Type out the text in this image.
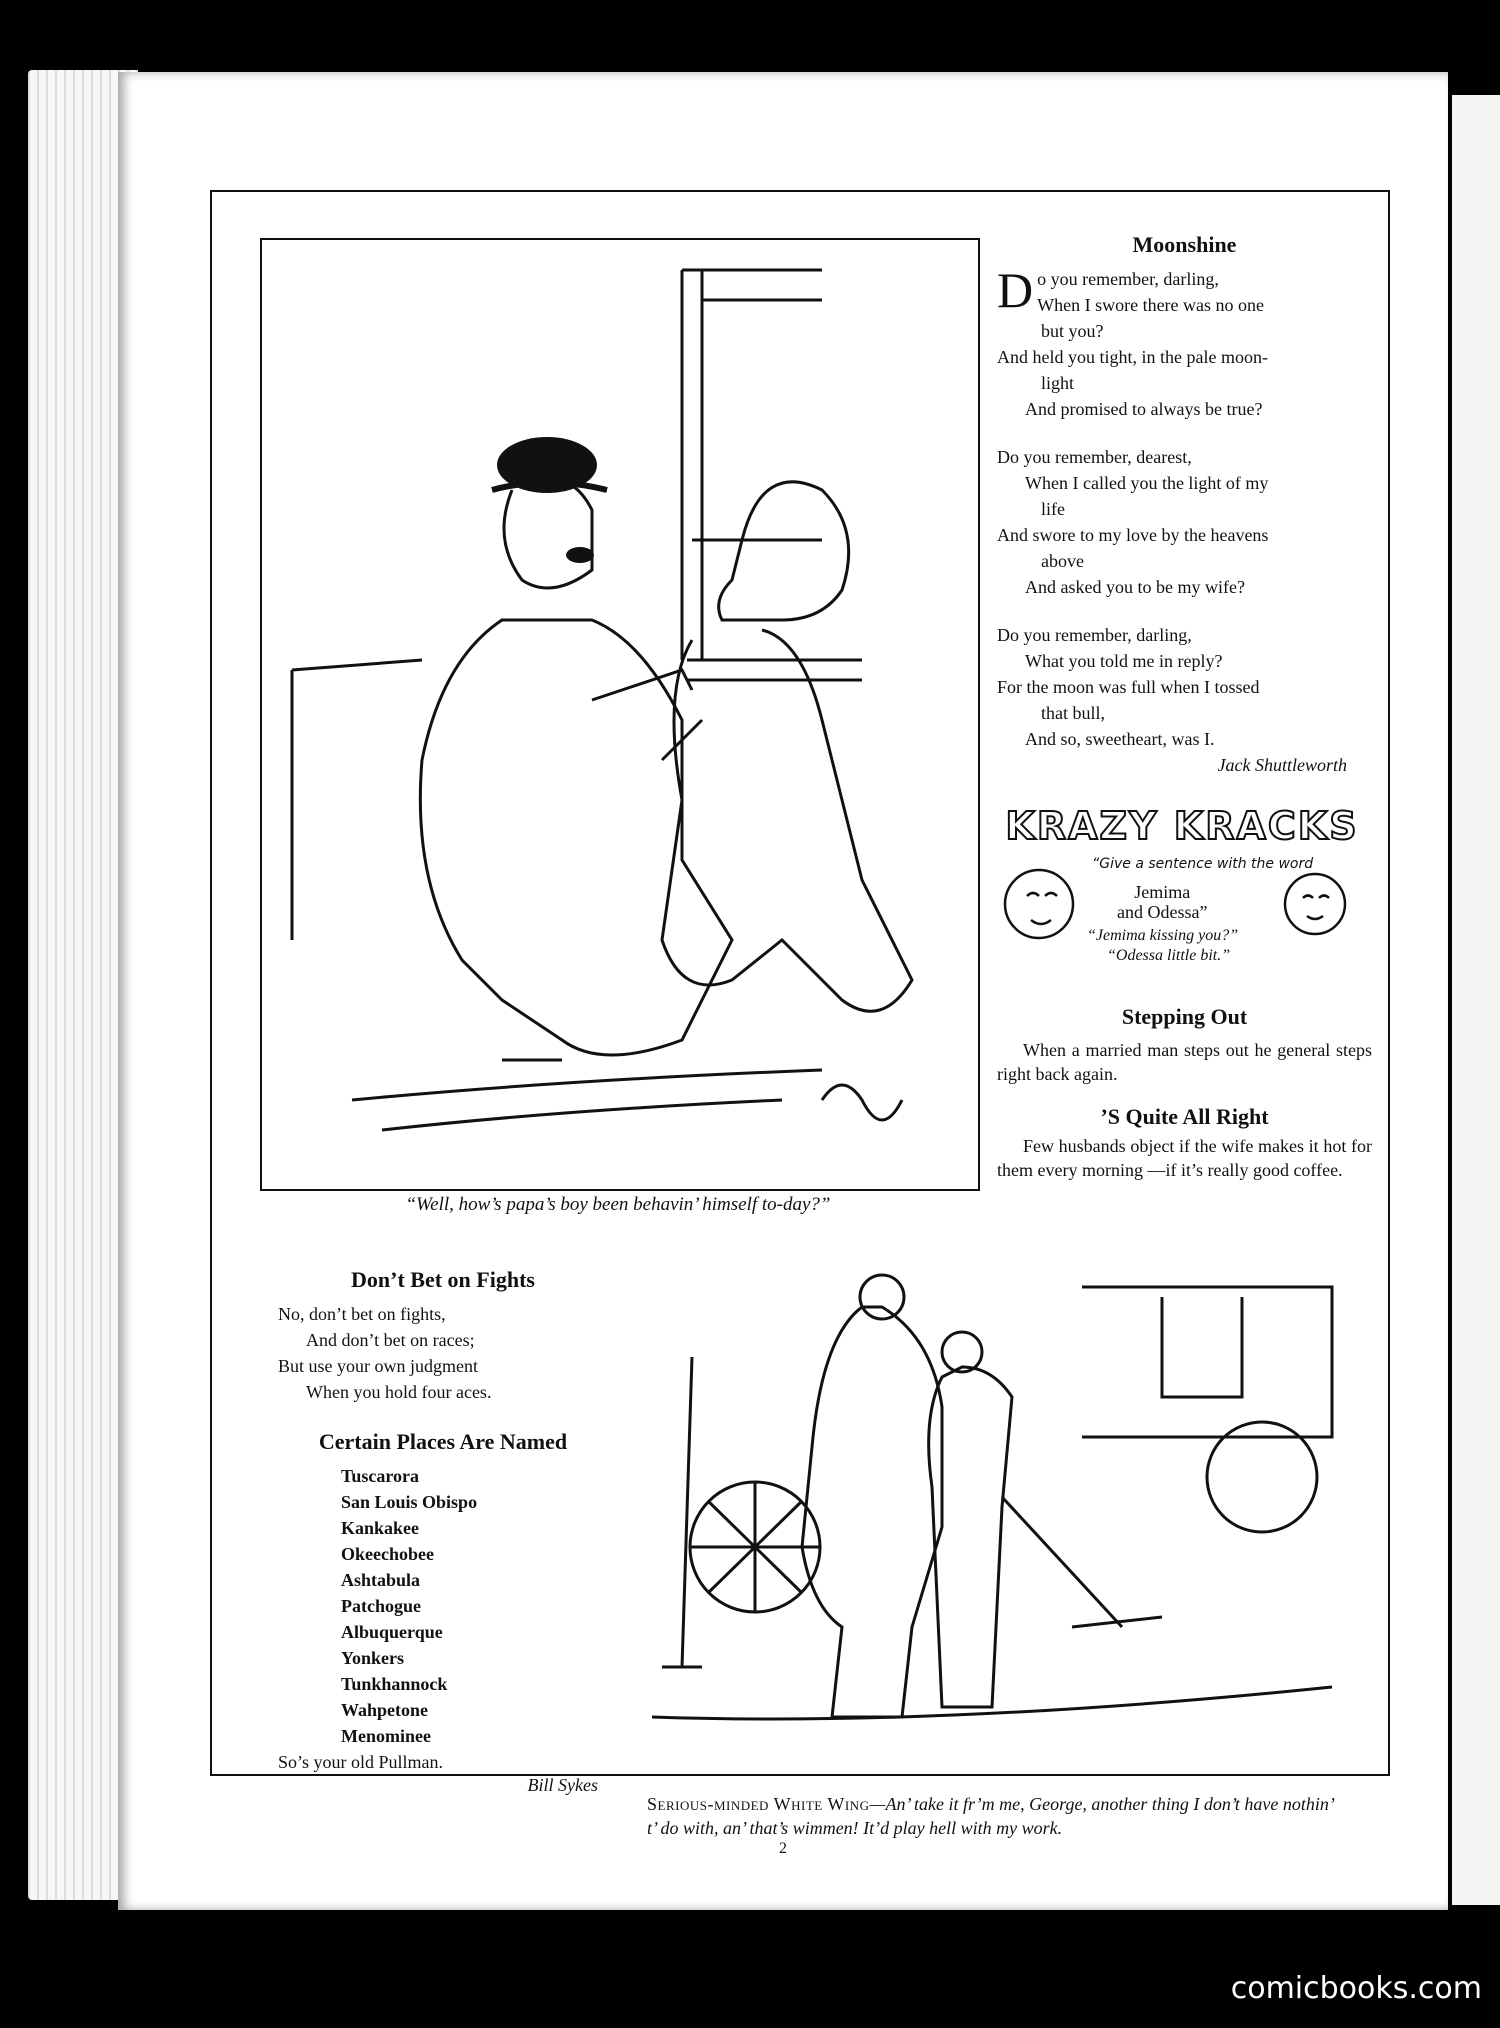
“Well, how’s papa’s boy been behavin’ himself to-day?”
Moonshine
D o you remember, darling,
When I swore there was no one
but you?
And held you tight, in the pale moon-
light
And promised to always be true?
Do you remember, dearest,
When I called you the light of my
life
And swore to my love by the heavens
above
And asked you to be my wife?
Do you remember, darling,
What you told me in reply?
For the moon was full when I tossed
that bull,
And so, sweetheart, was I.
Jack Shuttleworth
KRAZY KRACKS
“Give a sentence with the word
Jemima
and Odessa”
“Jemima kissing you?”
“Odessa little bit.”
Stepping Out

When a married man steps out he general steps right back again.

’S Quite All Right

Few husbands object if the wife makes it hot for them every morning —if it’s really good coffee.

Don’t Bet on Fights
No, don’t bet on fights,
And don’t bet on races;
But use your own judgment
When you hold four aces.
Certain Places Are Named
Tuscarora
San Louis Obispo
Kankakee
Okeechobee
Ashtabula
Patchogue
Albuquerque
Yonkers
Tunkhannock
Wahpetone
Menominee
So’s your old Pullman.
Bill Sykes
Serious-minded White Wing—An’ take it fr’m me, George, another thing I don’t have nothin’ t’ do with, an’ that’s wimmen! It’d play hell with my work.
2
comicbooks.com
